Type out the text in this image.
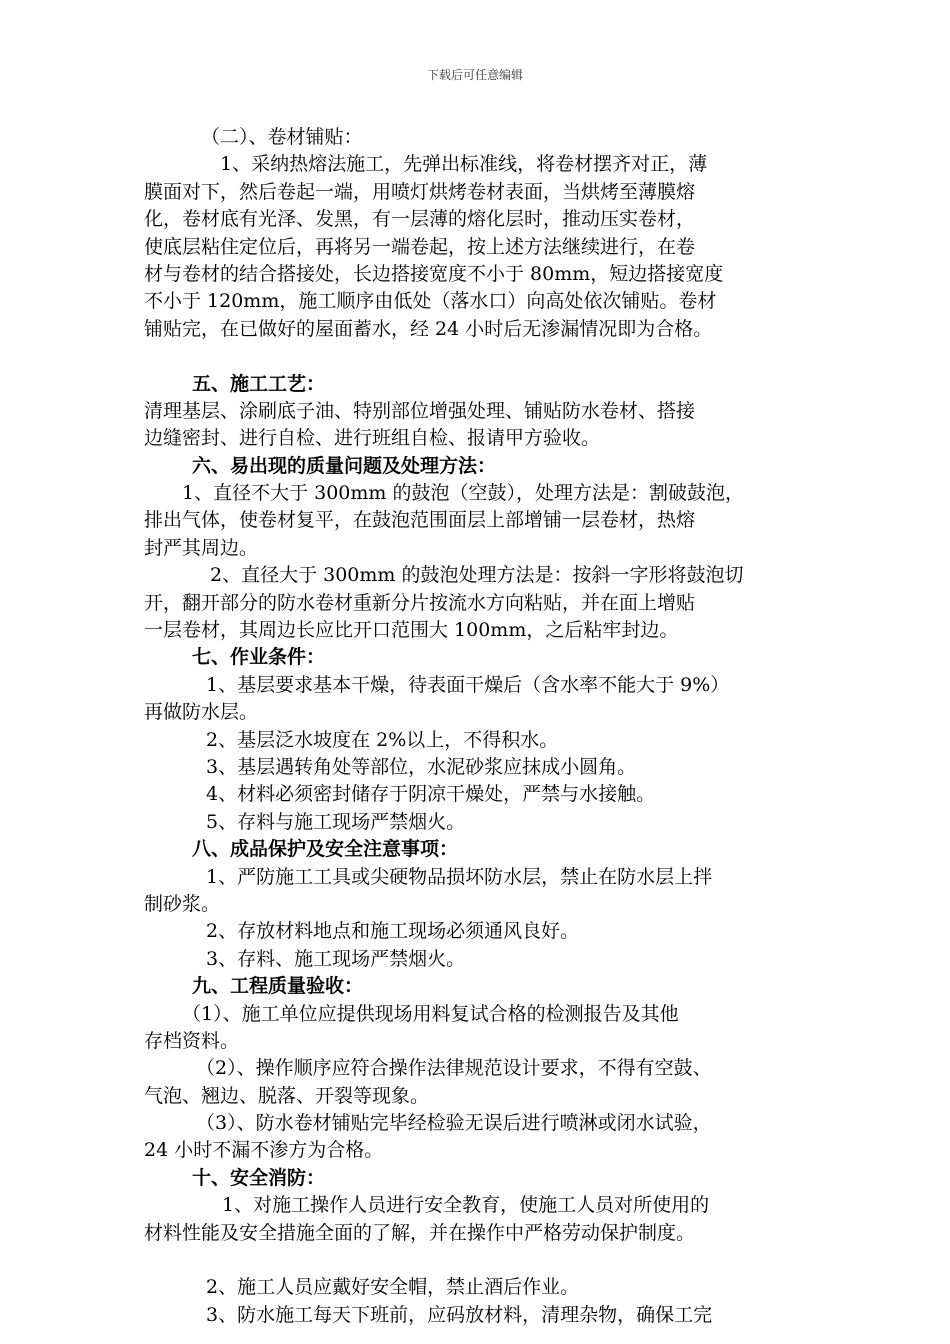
下载后可任意编辑
（二）、卷材铺贴：
1、采纳热熔法施工，先弹出标准线，将卷材摆齐对正，薄
膜面对下，然后卷起一端，用喷灯烘烤卷材表面，当烘烤至薄膜熔
化，卷材底有光泽、发黑，有一层薄的熔化层时，推动压实卷材，
使底层粘住定位后，再将另一端卷起，按上述方法继续进行，在卷
材与卷材的结合搭接处，长边搭接宽度不小于 80mm，短边搭接宽度
不小于 120mm，施工顺序由低处（落水口）向高处依次铺贴。卷材
铺贴完，在已做好的屋面蓄水，经 24 小时后无渗漏情况即为合格。
五、施工工艺：
清理基层、涂刷底子油、特别部位增强处理、铺贴防水卷材、搭接
边缝密封、进行自检、进行班组自检、报请甲方验收。
六、易出现的质量问题及处理方法：
1、直径不大于 300mm 的鼓泡（空鼓），处理方法是：割破鼓泡，
排出气体，使卷材复平，在鼓泡范围面层上部增铺一层卷材，热熔
封严其周边。
2、直径大于 300mm 的鼓泡处理方法是：按斜一字形将鼓泡切
开，翻开部分的防水卷材重新分片按流水方向粘贴，并在面上增贴
一层卷材，其周边长应比开口范围大 100mm，之后粘牢封边。
七、作业条件：
1、基层要求基本干燥，待表面干燥后（含水率不能大于 9%）
再做防水层。
2、基层泛水坡度在 2%以上，不得积水。
3、基层遇转角处等部位，水泥砂浆应抹成小圆角。
4、材料必须密封储存于阴凉干燥处，严禁与水接触。
5、存料与施工现场严禁烟火。
八、成品保护及安全注意事项：
1、严防施工工具或尖硬物品损坏防水层，禁止在防水层上拌
制砂浆。
2、存放材料地点和施工现场必须通风良好。
3、存料、施工现场严禁烟火。
九、工程质量验收：
（1）、施工单位应提供现场用料复试合格的检测报告及其他
存档资料。
（2）、操作顺序应符合操作法律规范设计要求，不得有空鼓、
气泡、翘边、脱落、开裂等现象。
（3）、防水卷材铺贴完毕经检验无误后进行喷淋或闭水试验，
24 小时不漏不渗方为合格。
十、安全消防：
1、对施工操作人员进行安全教育，使施工人员对所使用的
材料性能及安全措施全面的了解，并在操作中严格劳动保护制度。
2、施工人员应戴好安全帽，禁止酒后作业。
3、防水施工每天下班前，应码放材料，清理杂物，确保工完
